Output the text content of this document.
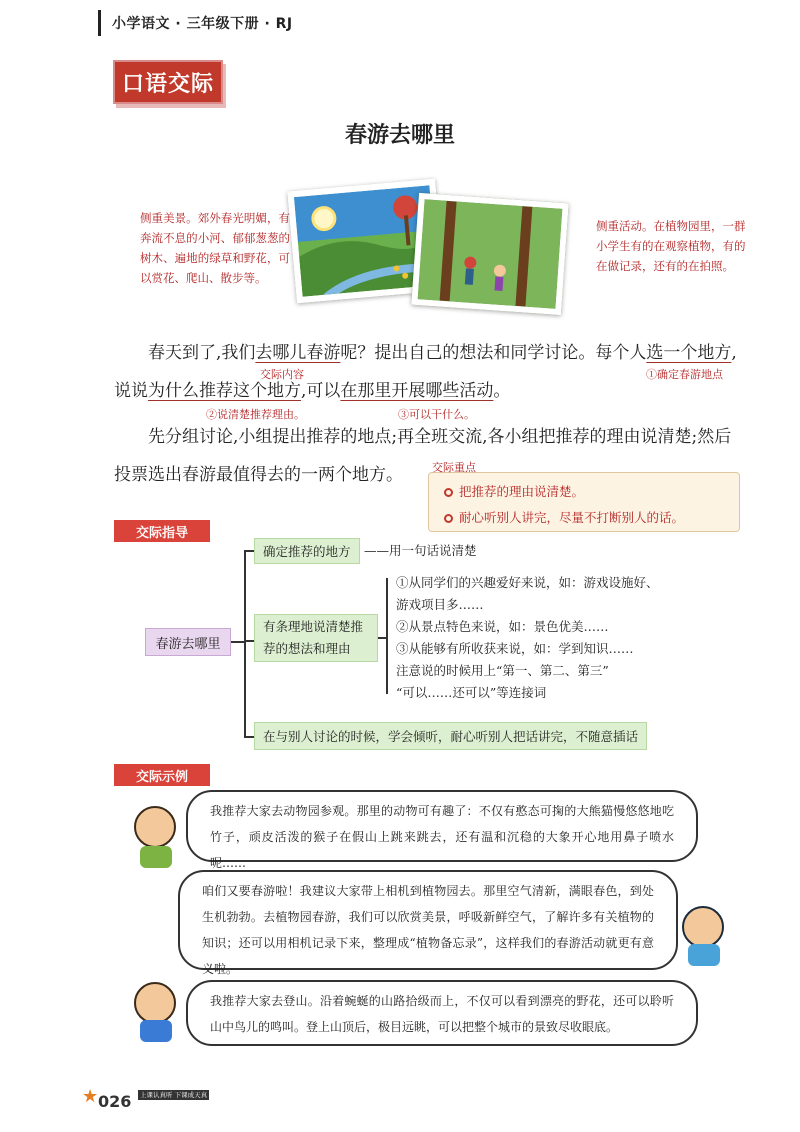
小学语文 · 三年级下册 · RJ
口语交际
春游去哪里
侧重美景。郊外春光明媚，有奔流不息的小河、郁郁葱葱的树木、遍地的绿草和野花，可以赏花、爬山、散步等。
侧重活动。在植物园里，一群小学生有的在观察植物，有的在做记录，还有的在拍照。
春天到了,我们去哪儿春游呢？提出自己的想法和同学讨论。每个人选一个地方,说说为什么推荐这个地方,可以在那里开展哪些活动。
交际内容	①确定春游地点
②说清楚推荐理由。	③可以干什么。
先分组讨论,小组提出推荐的地点;再全班交流,各小组把推荐的理由说清楚;然后投票选出春游最值得去的一两个地方。	交际重点
把推荐的理由说清楚。
耐心听别人讲完，尽量不打断别人的话。
交际指导
春游去哪里
确定推荐的地方	——用一句话说清楚
有条理地说清楚推荐的想法和理由
①从同学们的兴趣爱好来说，如：游戏设施好、
游戏项目多……
②从景点特色来说，如：景色优美……
③从能够有所收获来说，如：学到知识……
注意说的时候用上“第一、第二、第三”
“可以……还可以”等连接词
在与别人讨论的时候，学会倾听，耐心听别人把话讲完，不随意插话
交际示例
我推荐大家去动物园参观。那里的动物可有趣了：不仅有憨态可掬的大熊猫慢悠悠地吃竹子，顽皮活泼的猴子在假山上跳来跳去，还有温和沉稳的大象开心地用鼻子喷水呢……
咱们又要春游啦！我建议大家带上相机到植物园去。那里空气清新，满眼春色，到处生机勃勃。去植物园春游，我们可以欣赏美景，呼吸新鲜空气，了解许多有关植物的知识；还可以用相机记录下来，整理成“植物备忘录”，这样我们的春游活动就更有意义啦。
我推荐大家去登山。沿着蜿蜒的山路拾级而上，不仅可以看到漂亮的野花，还可以聆听山中鸟儿的鸣叫。登上山顶后，极目远眺，可以把整个城市的景致尽收眼底。
★ 026	上课认真听 下课成天真
